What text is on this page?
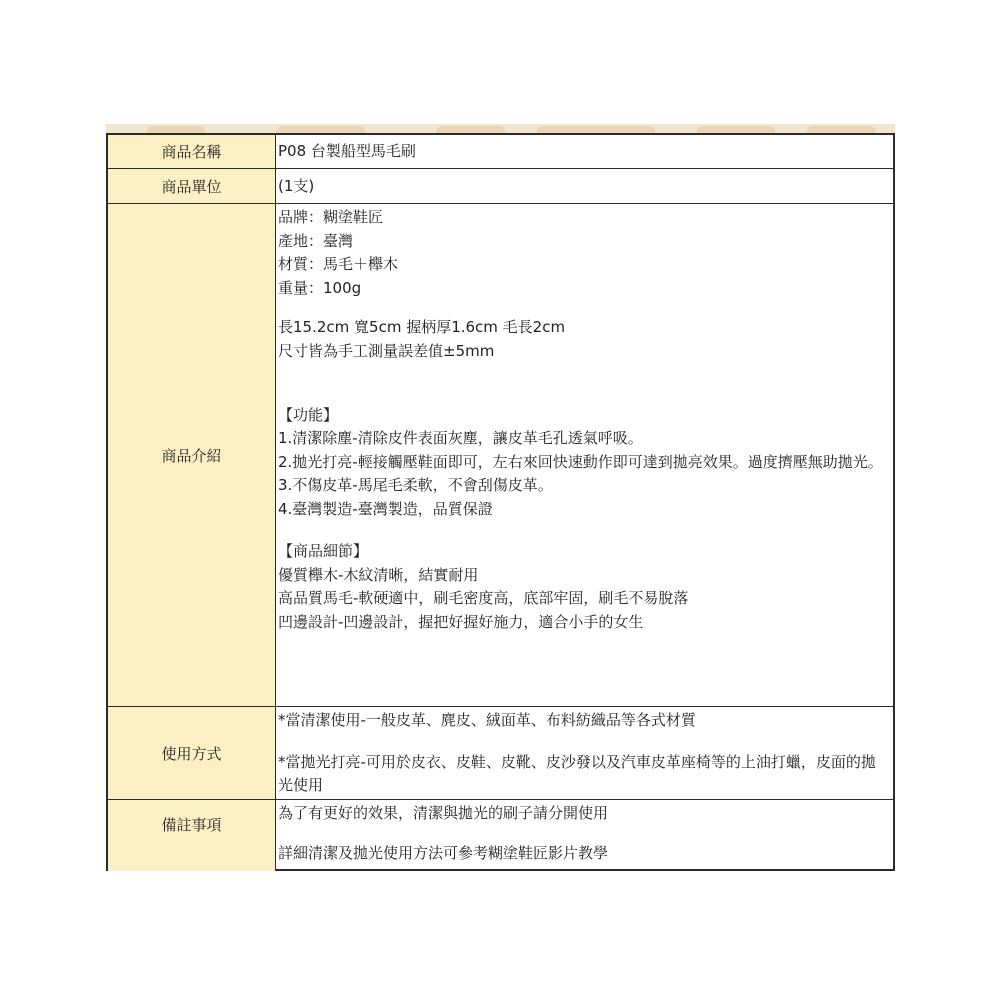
商品名稱	P08 台製船型馬毛刷

商品單位	(1支)

商品介紹

品牌：糊塗鞋匠

產地：臺灣

材質：馬毛＋櫸木

重量：100g

長15.2cm 寬5cm 握柄厚1.6cm 毛長2cm

尺寸皆為手工測量誤差值±5mm

【功能】

1.清潔除塵-清除皮件表面灰塵，讓皮革毛孔透氣呼吸。

2.拋光打亮-輕接觸壓鞋面即可，左右來回快速動作即可達到拋亮效果。過度擠壓無助拋光。

3.不傷皮革-馬尾毛柔軟，不會刮傷皮革。

4.臺灣製造-臺灣製造，品質保證

【商品細節】

優質櫸木-木紋清晰，結實耐用

高品質馬毛-軟硬適中，刷毛密度高，底部牢固，刷毛不易脫落

凹邊設計-凹邊設計，握把好握好施力，適合小手的女生

使用方式

*當清潔使用-一般皮革、麂皮、絨面革、布料紡織品等各式材質

*當拋光打亮-可用於皮衣、皮鞋、皮靴、皮沙發以及汽車皮革座椅等的上油打蠟，皮面的拋光使用

備註事項

為了有更好的效果，清潔與拋光的刷子請分開使用

詳細清潔及拋光使用方法可參考糊塗鞋匠影片教學
